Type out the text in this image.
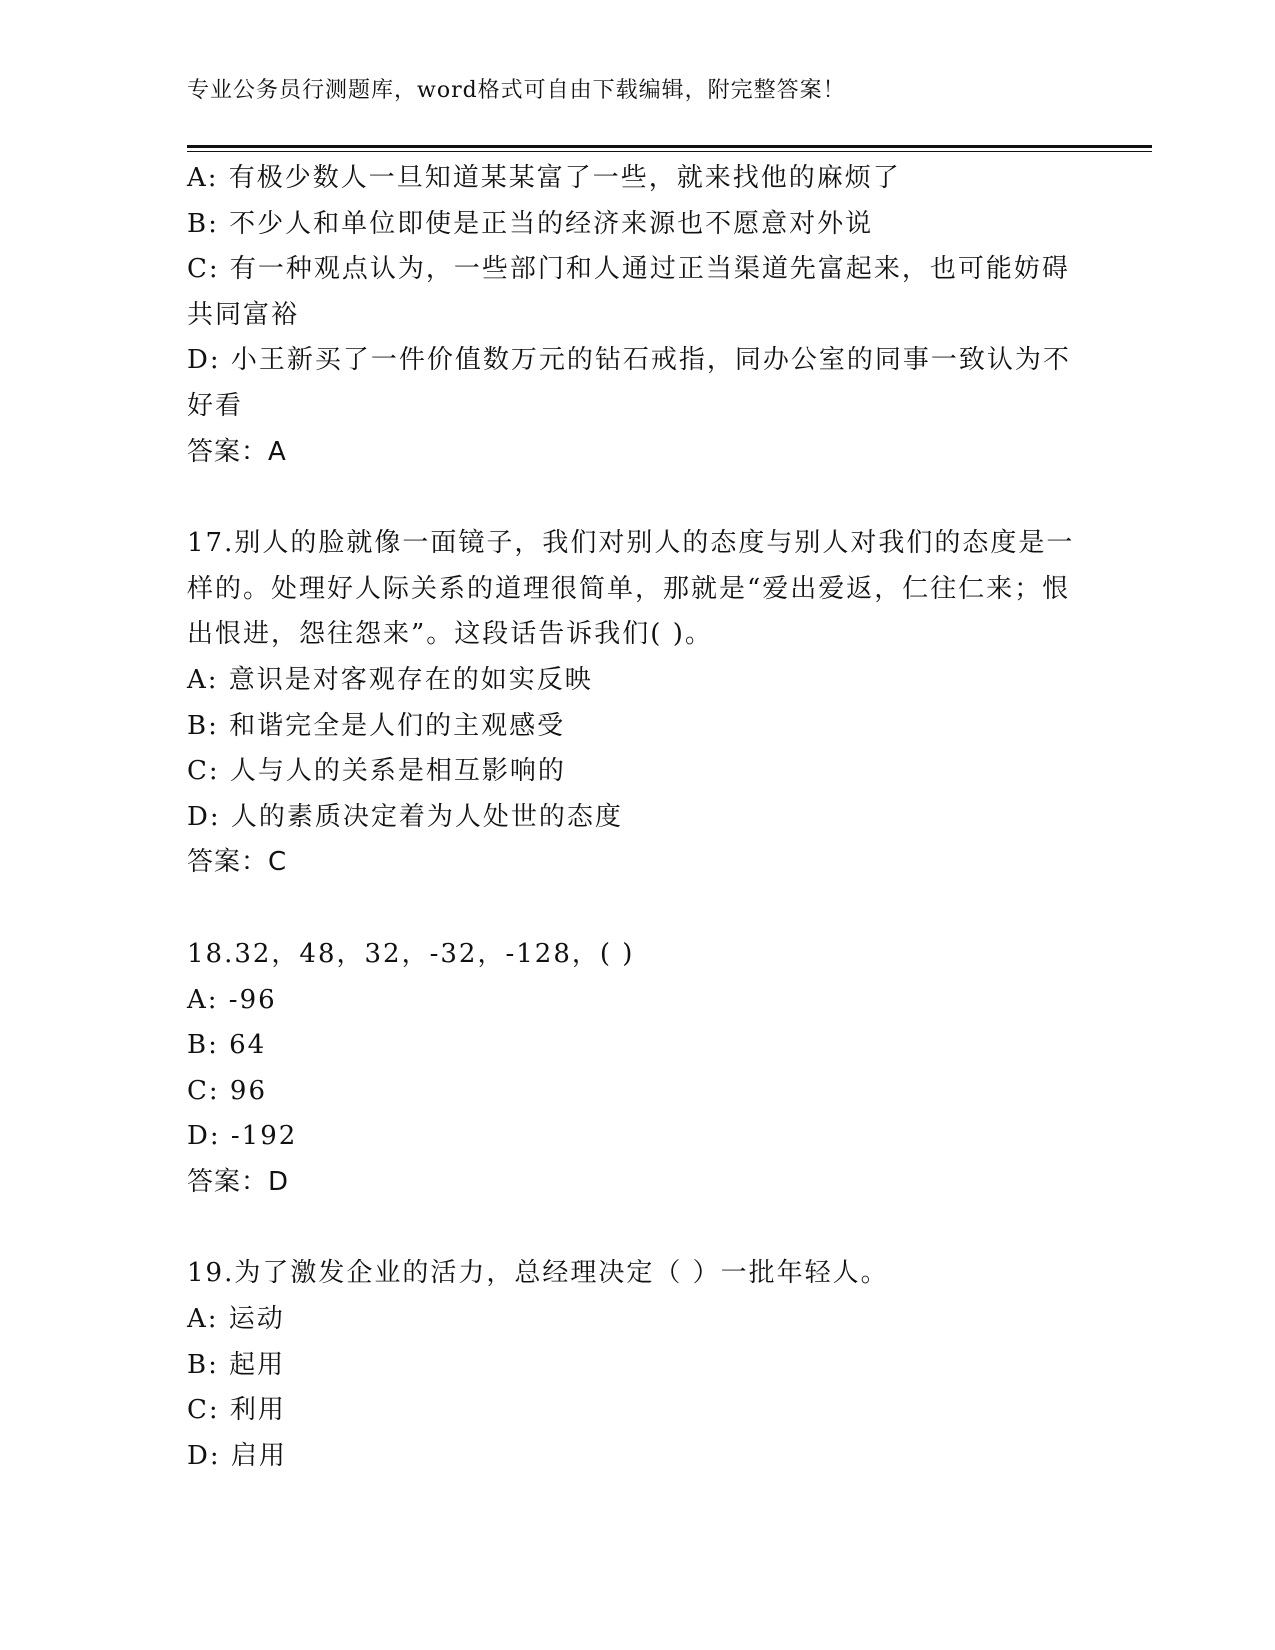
专业公务员行测题库，word格式可自由下载编辑，附完整答案！
A: 有极少数人一旦知道某某富了一些，就来找他的麻烦了
B: 不少人和单位即使是正当的经济来源也不愿意对外说
C: 有一种观点认为，一些部门和人通过正当渠道先富起来，也可能妨碍共同富裕
D: 小王新买了一件价值数万元的钻石戒指，同办公室的同事一致认为不好看
答案：A
17.别人的脸就像一面镜子，我们对别人的态度与别人对我们的态度是一样的。处理好人际关系的道理很简单，那就是“爱出爱返，仁往仁来；恨出恨进，怨往怨来”。这段话告诉我们( )。
A: 意识是对客观存在的如实反映
B: 和谐完全是人们的主观感受
C: 人与人的关系是相互影响的
D: 人的素质决定着为人处世的态度
答案：C
18.32，48，32，-32，-128，( )
A: -96
B: 64
C: 96
D: -192
答案：D
19.为了激发企业的活力，总经理决定（ ）一批年轻人。
A: 运动
B: 起用
C: 利用
D: 启用
